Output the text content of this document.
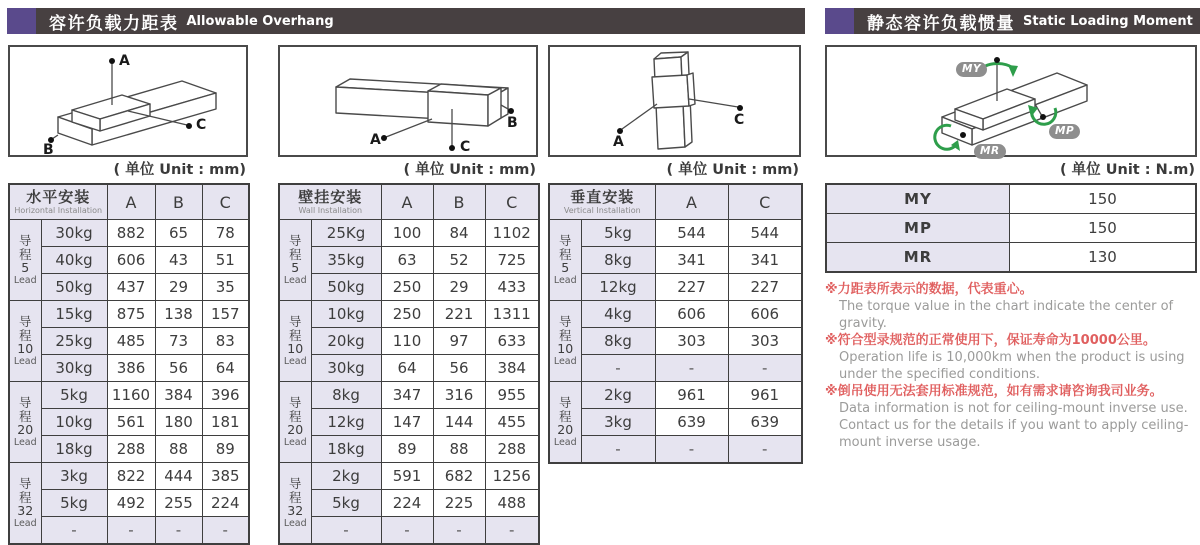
容许负载力距表 Allowable Overhang	静态容许负载惯量 Static Loading Moment
A
C
B
( 单位 Unit : mm)
水平安装
Horizontal Installation		A	B	C

导
程
5
Lead	30kg	882	65	78
	40kg	606	43	51
	50kg	437	29	35

导
程
10
Lead	15kg	875	138	157
	25kg	485	73	83
	30kg	386	56	64

导
程
20
Lead	5kg	1160	384	396
	10kg	561	180	181
	18kg	288	88	89

导
程
32
Lead	3kg	822	444	385
	5kg	492	255	224
	-	-	-	-
A	C
B
( 单位 Unit : mm)
壁挂安装
Wall Installation		A	B	C

导
程
5
Lead	25Kg	100	84	1102
	35kg	63	52	725
	50kg	250	29	433

导
程
10
Lead	10kg	250	221	1311
	20kg	110	97	633
	30kg	64	56	384

导
程
20
Lead	8kg	347	316	955
	12kg	147	144	455
	18kg	89	88	288

导
程
32
Lead	2kg	591	682	1256
	5kg	224	225	488
	-	-	-	-
A
C
( 单位 Unit : mm)
垂直安装
Vertical Installation		A	C

导
程
5
Lead	5kg	544	544
	8kg	341	341
	12kg	227	227

导
程
10
Lead	4kg	606	606
	8kg	303	303
	-	-	-

导
程
20
Lead	2kg	961	961
	3kg	639	639
	-	-	-
MY
MP
MR
( 单位 Unit : N.m)
MY	150
MP	150
MR	130
※力距表所表示的数据，代表重心。
The torque value in the chart indicate the center of gravity.
※符合型录规范的正常使用下，保证寿命为10000公里。
Operation life is 10,000km when the product is using under the specified conditions.
※倒吊使用无法套用标准规范，如有需求请咨询我司业务。
Data information is not for ceiling-mount inverse use. Contact us for the details if you want to apply ceiling-mount inverse usage.
